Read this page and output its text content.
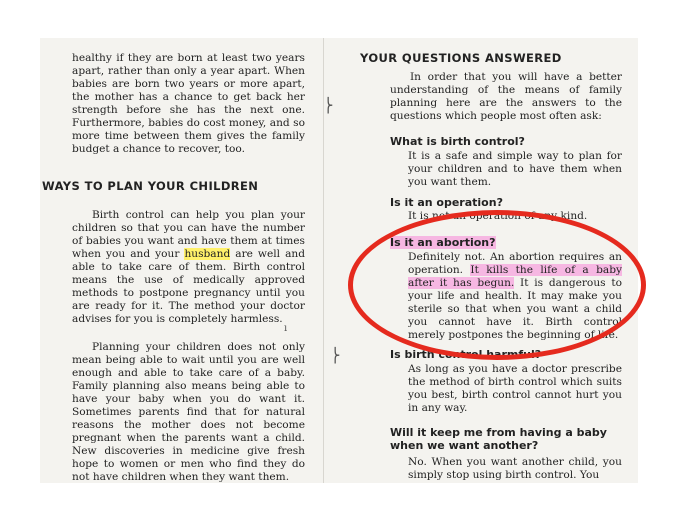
healthy if they are born at least two years apart, rather than only a year apart. When babies are born two years or more apart, the mother has a chance to get back her strength before she has the next one. Furthermore, babies do cost money, and so more time between them gives the family budget a chance to recover, too.

WAYS TO PLAN YOUR CHILDREN

Birth control can help you plan your children so that you can have the number of babies you want and have them at times when you and your husband are well and able to take care of them. Birth control means the use of medically approved methods to postpone pregnancy until you are ready for it. The method your doctor advises for you is completely harmless.

Planning your children does not only mean being able to wait until you are well enough and able to take care of a baby. Family planning also means being able to have your baby when you do want it. Sometimes parents find that for natural reasons the mother does not become pregnant when the parents want a child. New discoveries in medicine give fresh hope to women or men who find they do not have children when they want them.

⎬
ı
⎬
YOUR QUESTIONS ANSWERED

In order that you will have a better understanding of the means of family planning here are the answers to the questions which people most often ask:

What is birth control?
It is a safe and simple way to plan for your children and to have them when you want them.
Is it an operation?
It is not an operation of any kind.
Is it an abortion?
Definitely not. An abortion requires an operation. It kills the life of a baby after it has begun. It is dangerous to your life and health. It may make you sterile so that when you want a child you cannot have it. Birth control merely postpones the beginning of life.
Is birth control harmful?
As long as you have a doctor prescribe the method of birth control which suits you best, birth control cannot hurt you in any way.
Will it keep me from having a baby when we want another?
No. When you want another child, you simply stop using birth control. You
